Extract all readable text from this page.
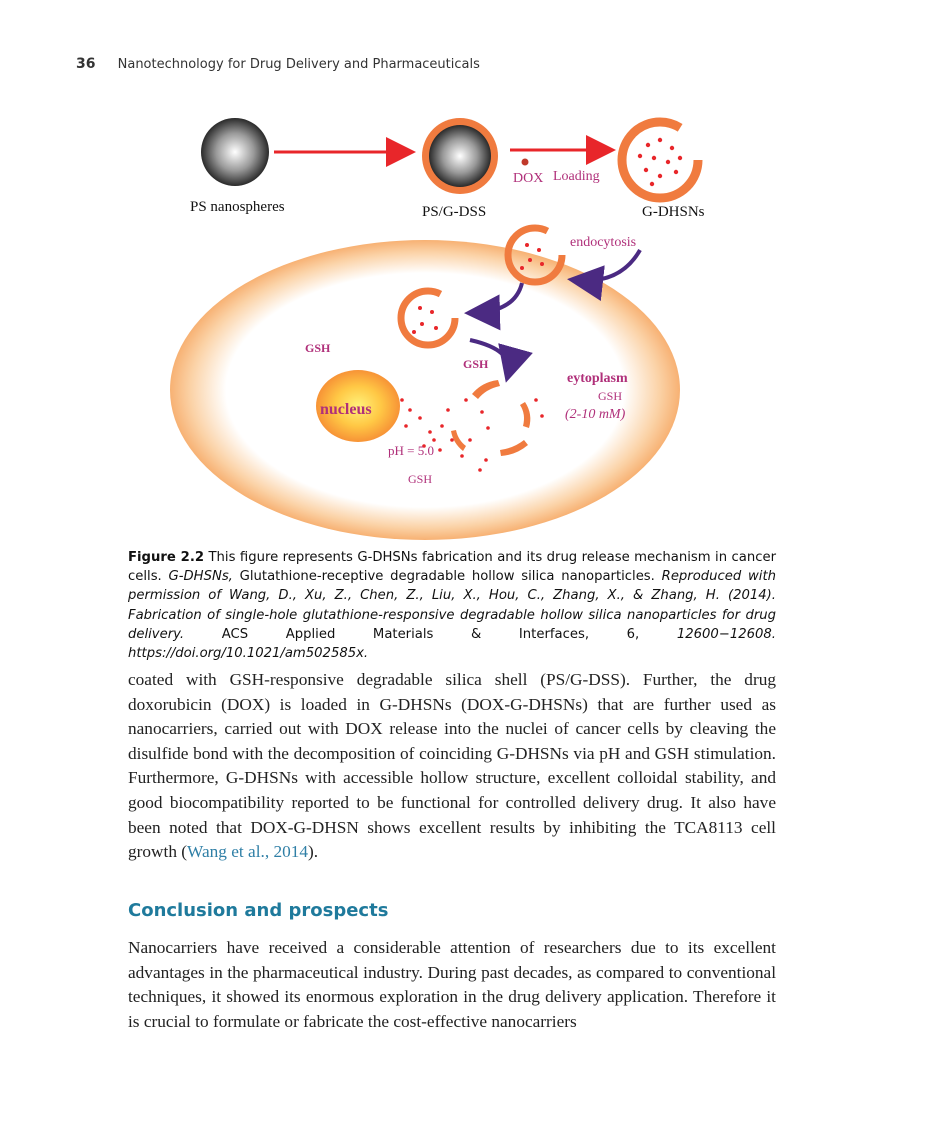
36 Nanotechnology for Drug Delivery and Pharmaceuticals
PS nanospheres	PS/G-DSS	G-DHSNs
DOX Loading
endocytosis
GSH
GSH
eytoplasm
GSH
(2-10 mM)
nucleus
pH = 5.0
GSH
Figure 2.2 This figure represents G-DHSNs fabrication and its drug release mechanism in cancer cells. G-DHSNs, Glutathione-receptive degradable hollow silica nanoparticles. Reproduced with permission of Wang, D., Xu, Z., Chen, Z., Liu, X., Hou, C., Zhang, X., & Zhang, H. (2014). Fabrication of single-hole glutathione-responsive degradable hollow silica nanoparticles for drug delivery. ACS Applied Materials & Interfaces, 6, 12600−12608. https://doi.org/10.1021/am502585x.

coated with GSH-responsive degradable silica shell (PS/G-DSS). Further, the drug doxorubicin (DOX) is loaded in G-DHSNs (DOX-G-DHSNs) that are further used as nanocarriers, carried out with DOX release into the nuclei of cancer cells by cleaving the disulfide bond with the decomposition of coinciding G-DHSNs via pH and GSH stimulation. Furthermore, G-DHSNs with accessible hollow structure, excellent colloidal stability, and good biocompatibility reported to be functional for controlled delivery drug. It also have been noted that DOX-G-DHSN shows excellent results by inhibiting the TCA8113 cell growth (Wang et al., 2014).

Conclusion and prospects

Nanocarriers have received a considerable attention of researchers due to its excellent advantages in the pharmaceutical industry. During past decades, as compared to conventional techniques, it showed its enormous exploration in the drug delivery application. Therefore it is crucial to formulate or fabricate the cost-effective nanocarriers
